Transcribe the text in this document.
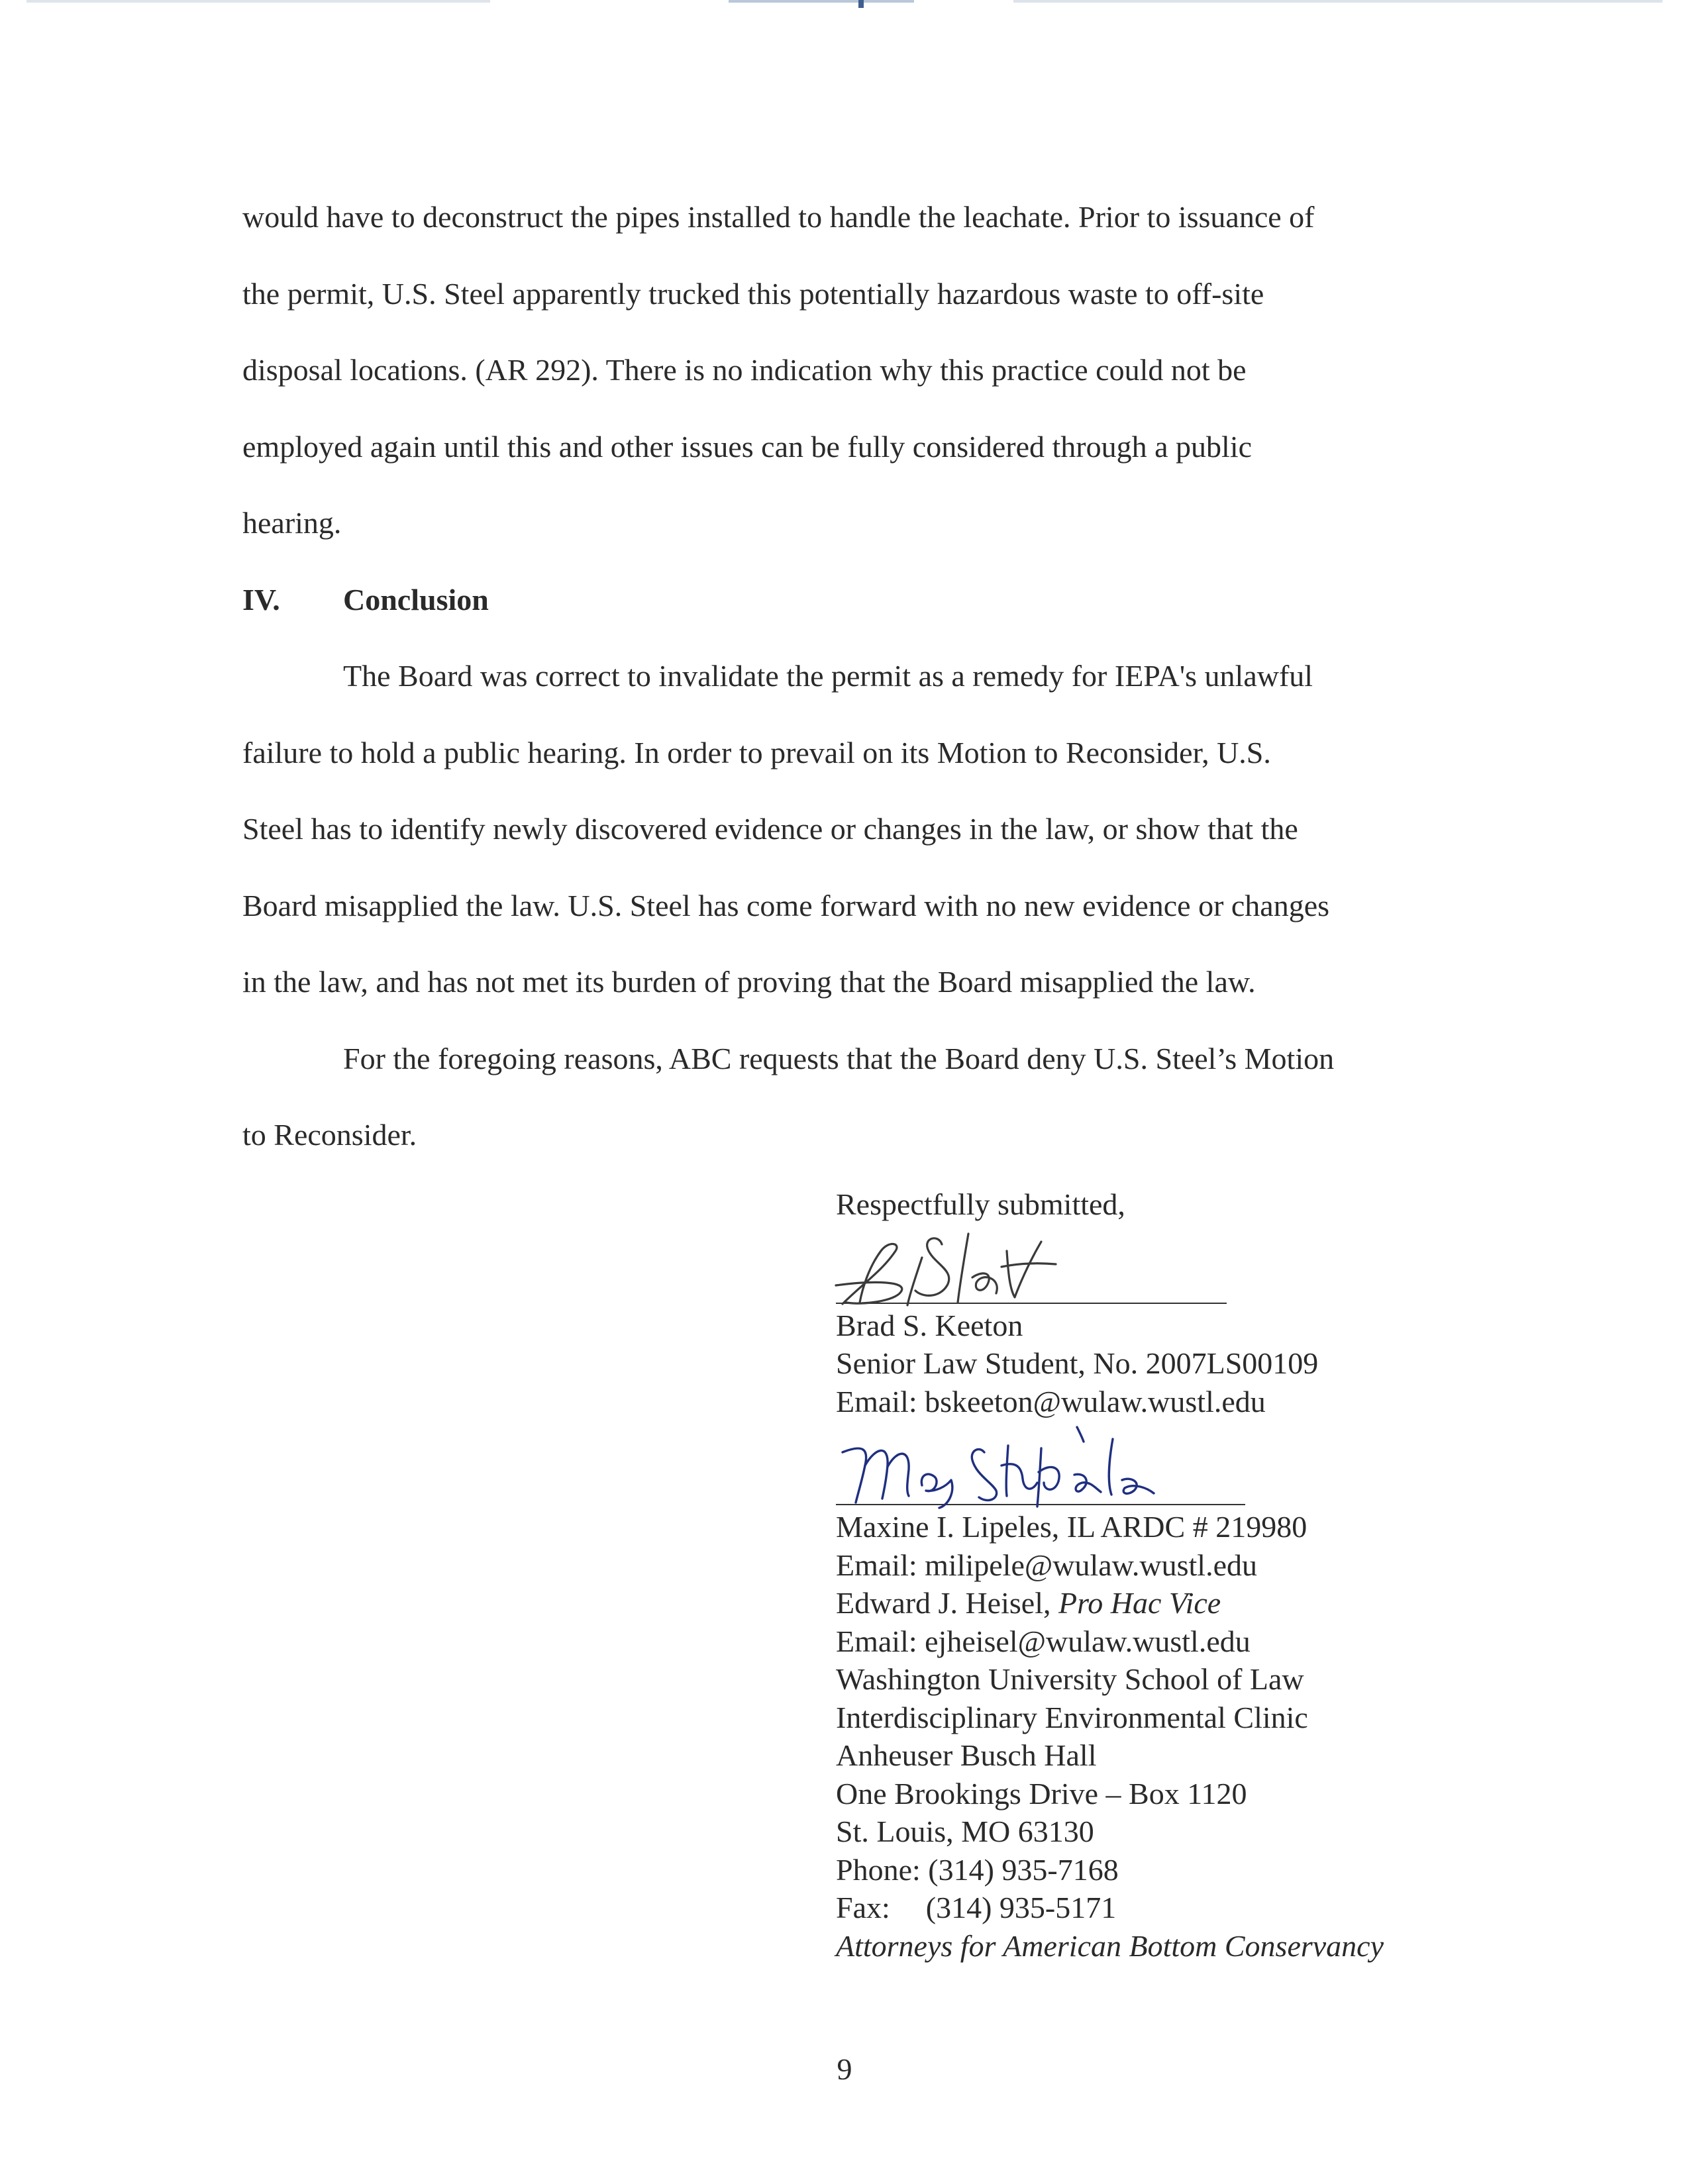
would have to deconstruct the pipes installed to handle the leachate. Prior to issuance of

the permit, U.S. Steel apparently trucked this potentially hazardous waste to off-site

disposal locations. (AR 292). There is no indication why this practice could not be

employed again until this and other issues can be fully considered through a public

hearing.

IV.	Conclusion

The Board was correct to invalidate the permit as a remedy for IEPA's unlawful

failure to hold a public hearing. In order to prevail on its Motion to Reconsider, U.S.

Steel has to identify newly discovered evidence or changes in the law, or show that the

Board misapplied the law. U.S. Steel has come forward with no new evidence or changes

in the law, and has not met its burden of proving that the Board misapplied the law.

For the foregoing reasons, ABC requests that the Board deny U.S. Steel’s Motion

to Reconsider.

Respectfully submitted,
Brad S. Keeton
Senior Law Student, No. 2007LS00109
Email: bskeeton@wulaw.wustl.edu
Maxine I. Lipeles, IL ARDC # 219980
Email: milipele@wulaw.wustl.edu
Edward J. Heisel, Pro Hac Vice
Email: ejheisel@wulaw.wustl.edu
Washington University School of Law
Interdisciplinary Environmental Clinic
Anheuser Busch Hall
One Brookings Drive – Box 1120
St. Louis, MO 63130
Phone: (314) 935-7168
Fax: (314) 935-5171
Attorneys for American Bottom Conservancy
9
